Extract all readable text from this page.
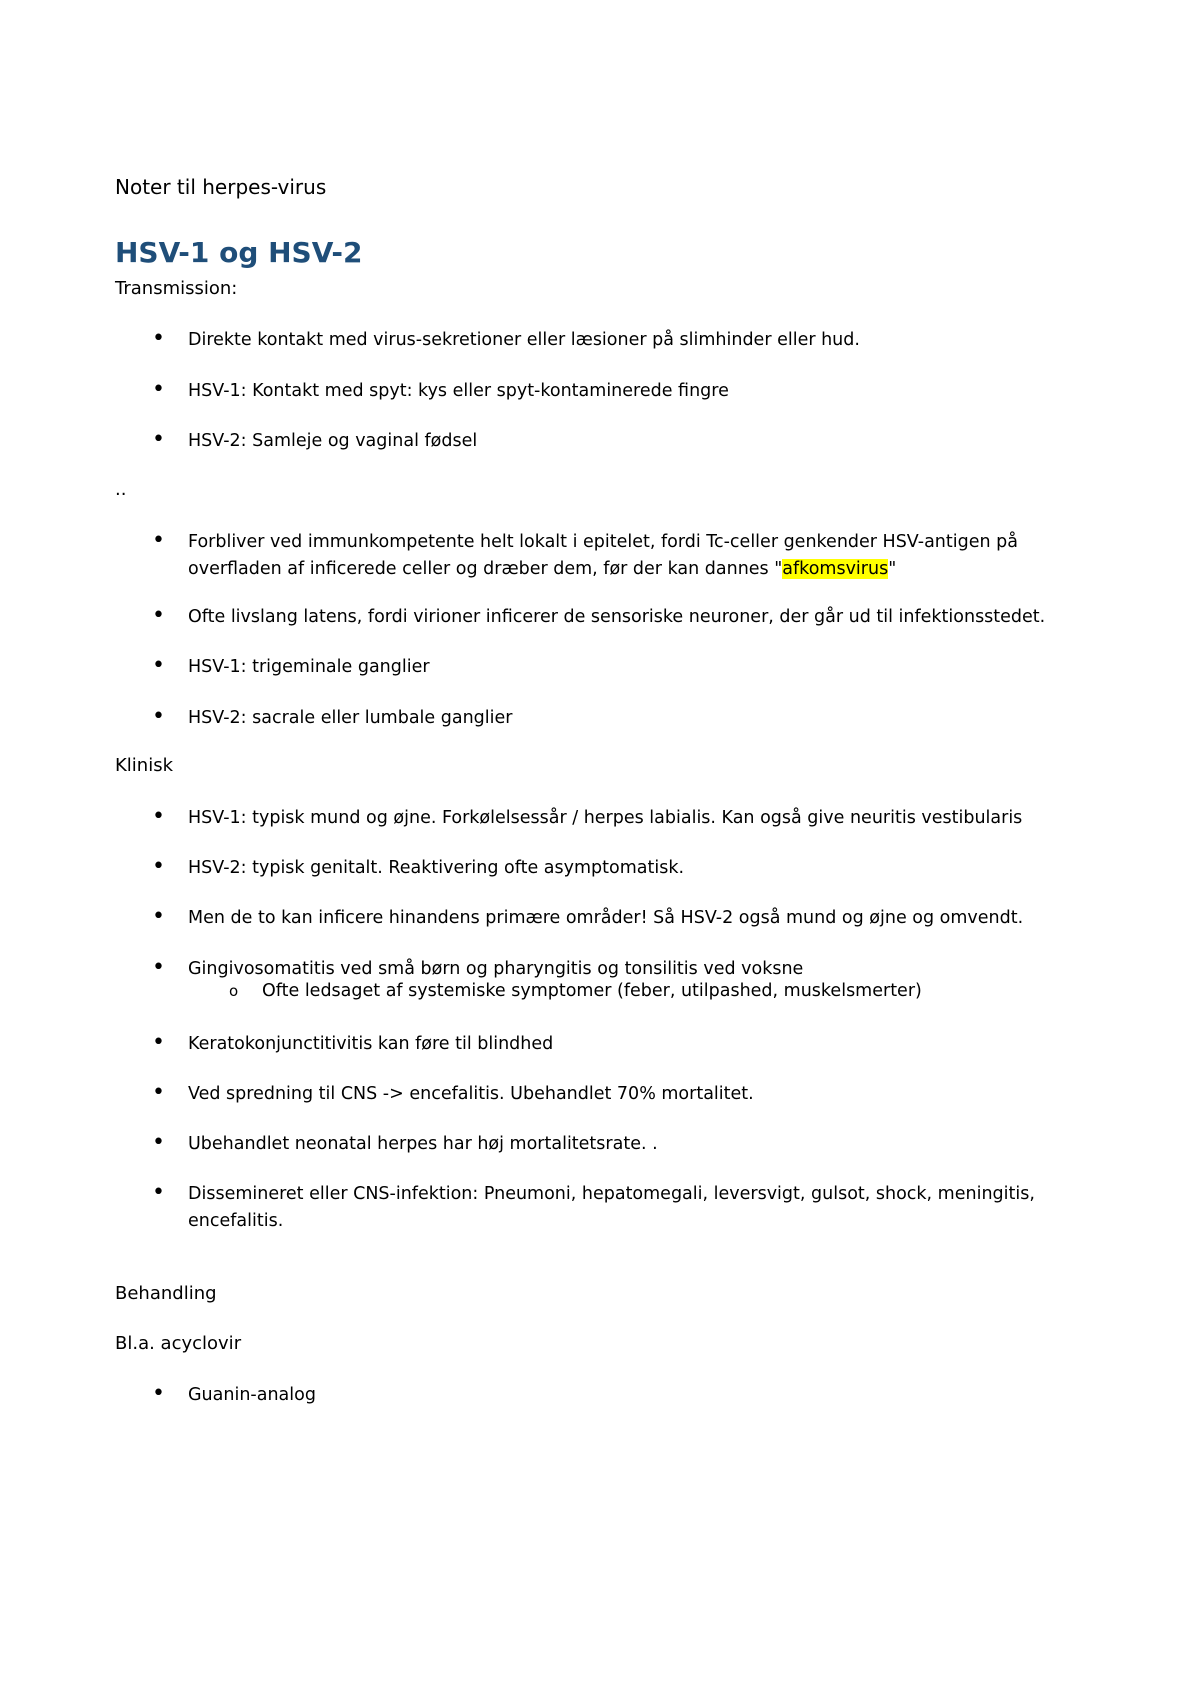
Noter til herpes-virus
HSV-1 og HSV-2
Transmission:
• Direkte kontakt med virus-sekretioner eller læsioner på slimhinder eller hud.
• HSV-1: Kontakt med spyt: kys eller spyt-kontaminerede fingre
• HSV-2: Samleje og vaginal fødsel
..
• Forbliver ved immunkompetente helt lokalt i epitelet, fordi Tc-celler genkender HSV-antigen på overfladen af inficerede celler og dræber dem, før der kan dannes "afkomsvirus"
• Ofte livslang latens, fordi virioner inficerer de sensoriske neuroner, der går ud til infektionsstedet.
• HSV-1: trigeminale ganglier
• HSV-2: sacrale eller lumbale ganglier
Klinisk
• HSV-1: typisk mund og øjne. Forkølelsessår / herpes labialis. Kan også give neuritis vestibularis
• HSV-2: typisk genitalt. Reaktivering ofte asymptomatisk.
• Men de to kan inficere hinandens primære områder! Så HSV-2 også mund og øjne og omvendt.
• Gingivosomatitis ved små børn og pharyngitis og tonsilitis ved voksne
o Ofte ledsaget af systemiske symptomer (feber, utilpashed, muskelsmerter)
• Keratokonjunctitivitis kan føre til blindhed
• Ved spredning til CNS -> encefalitis. Ubehandlet 70% mortalitet.
• Ubehandlet neonatal herpes har høj mortalitetsrate. .
• Dissemineret eller CNS-infektion: Pneumoni, hepatomegali, leversvigt, gulsot, shock, meningitis, encefalitis.
Behandling
Bl.a. acyclovir
• Guanin-analog
